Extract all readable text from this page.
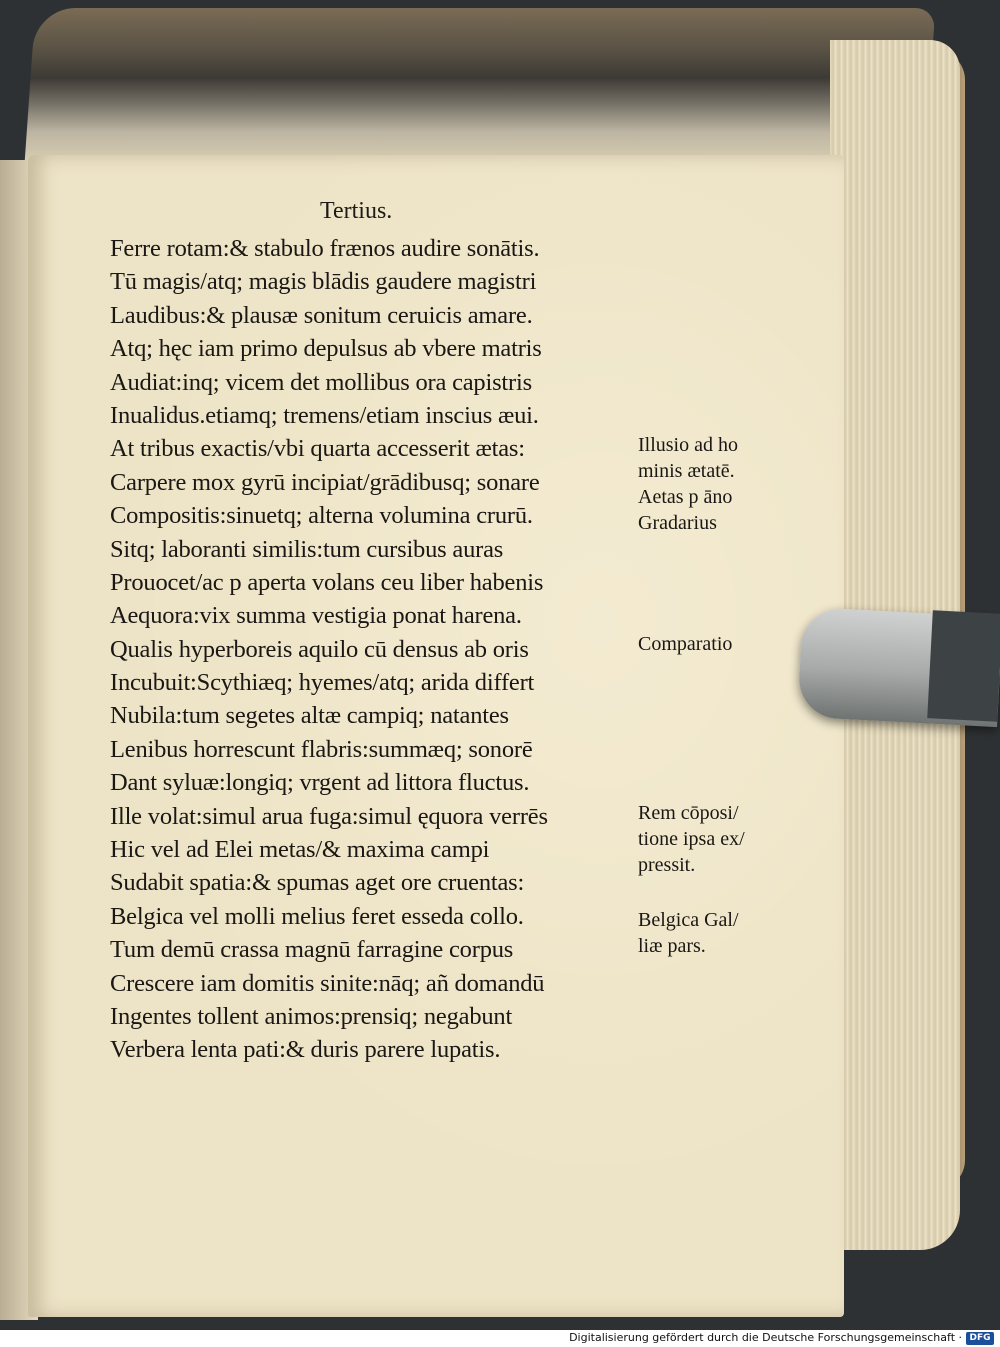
Tertius.
Ferre rotam:& stabulo frænos audire sonātis.
Tū magis/atq; magis blādis gaudere magistri
Laudibus:& plausæ sonitum ceruicis amare.
Atq; hęc iam primo depulsus ab vbere matris
Audiat:inq; vicem det mollibus ora capistris
Inualidus.etiamq; tremens/etiam inscius æui.
At tribus exactis/vbi quarta accesserit ætas:
Carpere mox gyrū incipiat/grādibusq; sonare
Compositis:sinuetq; alterna volumina crurū.
Sitq; laboranti similis:tum cursibus auras
Prouocet/ac p aperta volans ceu liber habenis
Aequora:vix summa vestigia ponat harena.
Qualis hyperboreis aquilo cū densus ab oris
Incubuit:Scythiæq; hyemes/atq; arida differt
Nubila:tum segetes altæ campiq; natantes
Lenibus horrescunt flabris:summæq; sonorē
Dant syluæ:longiq; vrgent ad littora fluctus.
Ille volat:simul arua fuga:simul ęquora verrēs
Hic vel ad Elei metas/& maxima campi
Sudabit spatia:& spumas aget ore cruentas:
Belgica vel molli melius feret esseda collo.
Tum demū crassa magnū farragine corpus
Crescere iam domitis sinite:nāq; añ domandū
Ingentes tollent animos:prensiq; negabunt
Verbera lenta pati:& duris parere lupatis.
Illusio ad ho
minis ætatē.
Aetas p āno
Gradarius
Comparatio
Rem cōposi/
tione ipsa ex/
pressit.
Belgica Gal/
liæ pars.
Digitalisierung gefördert durch die Deutsche Forschungsgemeinschaft · DFG
